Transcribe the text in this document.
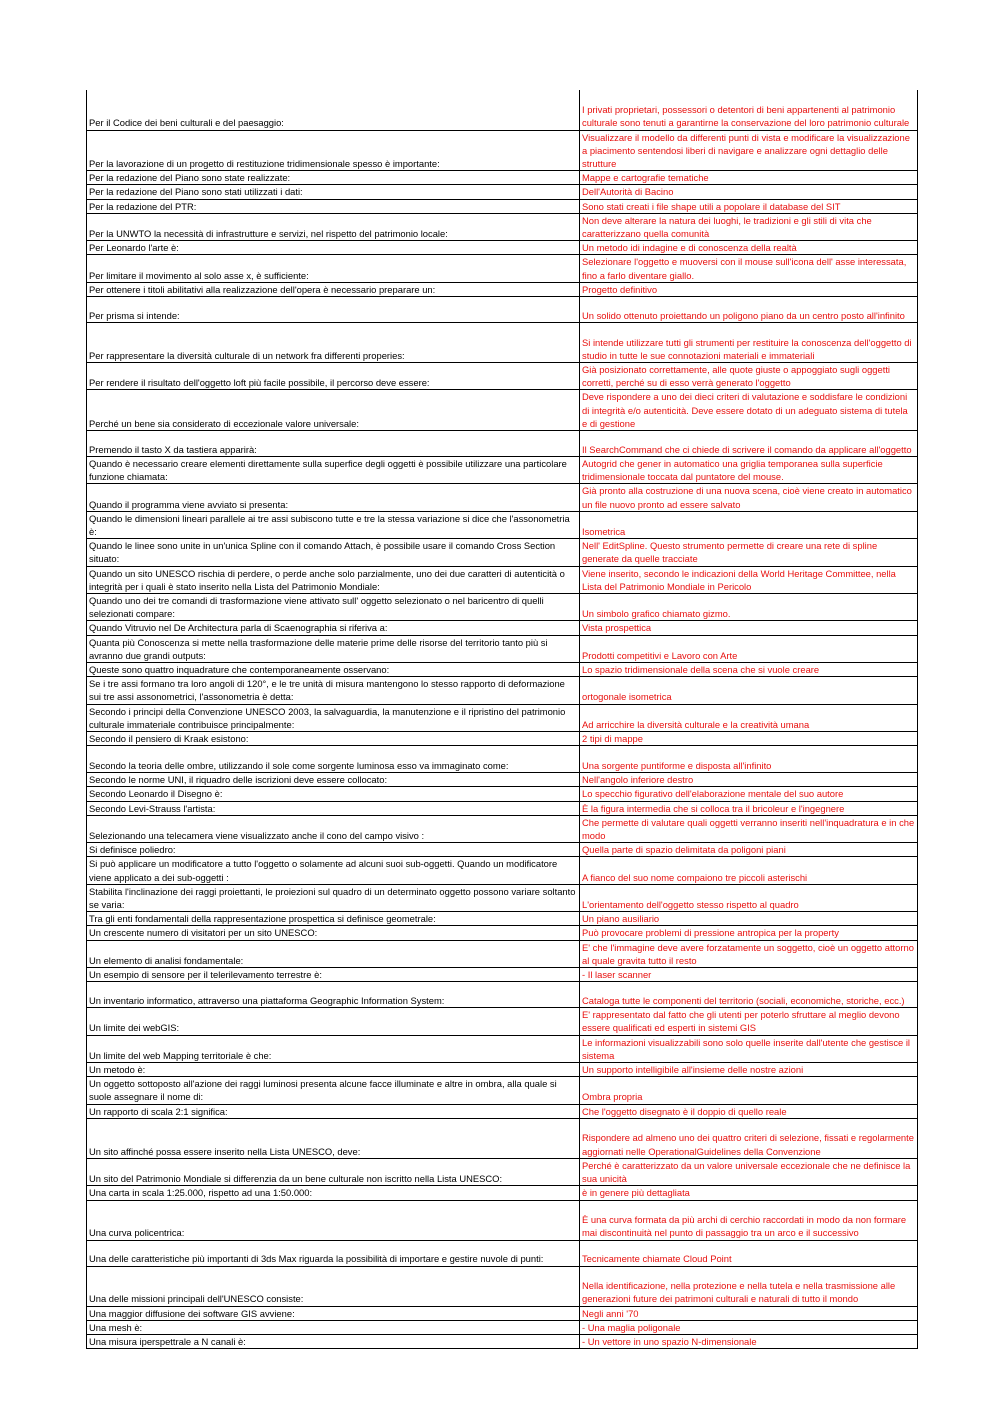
Per il Codice dei beni culturali e del paesaggio:	I privati proprietari, possessori o detentori di beni appartenenti al patrimonio culturale sono tenuti a garantirne la conservazione del loro patrimonio culturale
Per la lavorazione di un progetto di restituzione tridimensionale spesso è importante:	Visualizzare il modello da differenti punti di vista e modificare la visualizzazione a piacimento sentendosi liberi di navigare e analizzare ogni dettaglio delle strutture
Per la redazione del Piano sono state realizzate:	Mappe e cartografie tematiche
Per la redazione del Piano sono stati utilizzati i dati:	Dell'Autorità di Bacino
Per la redazione del PTR:	Sono stati creati i file shape utili a popolare il database del SIT
Per la UNWTO la necessità di infrastrutture e servizi, nel rispetto del patrimonio locale:	Non deve alterare la natura dei luoghi, le tradizioni e gli stili di vita che caratterizzano quella comunità
Per Leonardo l'arte è:	Un metodo idi indagine e di conoscenza della realtà
Per limitare il movimento al solo asse x, è sufficiente:	Selezionare l'oggetto e muoversi con il mouse sull'icona dell' asse interessata, fino a farlo diventare giallo.
Per ottenere i titoli abilitativi alla realizzazione dell'opera è necessario preparare un:	Progetto definitivo
Per prisma si intende:	Un solido ottenuto proiettando un poligono piano da un centro posto all'infinito
Per rappresentare la diversità culturale di un network fra differenti properies:	Si intende utilizzare tutti gli strumenti per restituire la conoscenza dell'oggetto di studio in tutte le sue connotazioni materiali e immateriali
Per rendere il risultato dell'oggetto loft più facile possibile, il percorso deve essere:	Già posizionato correttamente, alle quote giuste o appoggiato sugli oggetti corretti, perché su di esso verrà generato l'oggetto
Perché un bene sia considerato di eccezionale valore universale:	Deve rispondere a uno dei dieci criteri di valutazione e soddisfare le condizioni di integrità e/o autenticità. Deve essere dotato di un adeguato sistema di tutela e di gestione
Premendo il tasto X da tastiera apparirà:	Il SearchCommand che ci chiede di scrivere il comando da applicare all'oggetto
Quando è necessario creare elementi direttamente sulla superfice degli oggetti è possibile utilizzare una particolare funzione chiamata:	Autogrid che gener in automatico una griglia temporanea sulla superficie tridimensionale toccata dal puntatore del mouse.
Quando il programma viene avviato si presenta:	Già pronto alla costruzione di una nuova scena, cioè viene creato in automatico un file nuovo pronto ad essere salvato
Quando le dimensioni lineari parallele ai tre assi subiscono tutte e tre la stessa variazione si dice che l'assonometria è:	Isometrica
Quando le linee sono unite in un'unica Spline con il comando Attach, è possibile usare il comando Cross Section situato:	Nell' EditSpline. Questo strumento permette di creare una rete di spline generate da quelle tracciate
Quando un sito UNESCO rischia di perdere, o perde anche solo parzialmente, uno dei due caratteri di autenticità o integrità per i quali è stato inserito nella Lista del Patrimonio Mondiale:	Viene inserito, secondo le indicazioni della World Heritage Committee, nella Lista del Patrimonio Mondiale in Pericolo
Quando uno dei tre comandi di trasformazione viene attivato sull' oggetto selezionato o nel baricentro di quelli selezionati compare:	Un simbolo grafico chiamato gizmo.
Quando Vitruvio nel De Architectura parla di Scaenographia si riferiva a:	Vista prospettica
Quanta più Conoscenza si mette nella trasformazione delle materie prime delle risorse del territorio tanto più si avranno due grandi outputs:	Prodotti competitivi e Lavoro con Arte
Queste sono quattro inquadrature che contemporaneamente osservano:	Lo spazio tridimensionale della scena che si vuole creare
Se i tre assi formano tra loro angoli di 120°, e le tre unità di misura mantengono lo stesso rapporto di deformazione sui tre assi assonometrici, l'assonometria è detta:	ortogonale isometrica
Secondo i principi della Convenzione UNESCO 2003, la salvaguardia, la manutenzione e il ripristino del patrimonio culturale immateriale contribuisce principalmente:	Ad arricchire la diversità culturale e la creatività umana
Secondo il pensiero di Kraak esistono:	2 tipi di mappe
Secondo la teoria delle ombre, utilizzando il sole come sorgente luminosa esso va immaginato come:	Una sorgente puntiforme e disposta all'infinito
Secondo le norme UNI, il riquadro delle iscrizioni deve essere collocato:	Nell'angolo inferiore destro
Secondo Leonardo il Disegno è:	Lo specchio figurativo dell'elaborazione mentale del suo autore
Secondo Levi-Strauss l'artista:	È la figura intermedia che si colloca tra il bricoleur e l'ingegnere
Selezionando una telecamera viene visualizzato anche il cono del campo visivo :	Che permette di valutare quali oggetti verranno inseriti nell'inquadratura e in che modo
Si definisce poliedro:	Quella parte di spazio delimitata da poligoni piani
Si può applicare un modificatore a tutto l'oggetto o solamente ad alcuni suoi sub-oggetti. Quando un modificatore viene applicato a dei sub-oggetti :	A fianco del suo nome compaiono tre piccoli asterischi
Stabilita l'inclinazione dei raggi proiettanti, le proiezioni sul quadro di un determinato oggetto possono variare soltanto se varia:	L'orientamento dell'oggetto stesso rispetto al quadro
Tra gli enti fondamentali della rappresentazione prospettica si definisce geometrale:	Un piano ausiliario
Un crescente numero di visitatori per un sito UNESCO:	Può provocare problemi di pressione antropica per la property
Un elemento di analisi fondamentale:	E' che l'immagine deve avere forzatamente un soggetto, cioè un oggetto attorno al quale gravita tutto il resto
Un esempio di sensore per il telerilevamento terrestre è:	- Il laser scanner
Un inventario informatico, attraverso una piattaforma Geographic Information System:	Cataloga tutte le componenti del territorio (sociali, economiche, storiche, ecc.)
Un limite dei webGIS:	E' rappresentato dal fatto che gli utenti per poterlo sfruttare al meglio devono essere qualificati ed esperti in sistemi GIS
Un limite del web Mapping territoriale è che:	Le informazioni visualizzabili sono solo quelle inserite dall'utente che gestisce il sistema
Un metodo è:	Un supporto intelligibile all'insieme delle nostre azioni
Un oggetto sottoposto all'azione dei raggi luminosi presenta alcune facce illuminate e altre in ombra, alla quale si suole assegnare il nome di:	Ombra propria
Un rapporto di scala 2:1 significa:	Che l'oggetto disegnato è il doppio di quello reale
Un sito affinché possa essere inserito nella Lista UNESCO, deve:	Rispondere ad almeno uno dei quattro criteri di selezione, fissati e regolarmente aggiornati nelle OperationalGuidelines della Convenzione
Un sito del Patrimonio Mondiale si differenzia da un bene culturale non iscritto nella Lista UNESCO:	Perché è caratterizzato da un valore universale eccezionale che ne definisce la sua unicità
Una carta in scala 1:25.000, rispetto ad una 1:50.000:	è in genere più dettagliata
Una curva policentrica:	È una curva formata da più archi di cerchio raccordati in modo da non formare mai discontinuità nel punto di passaggio tra un arco e il successivo
Una delle caratteristiche più importanti di 3ds Max riguarda la possibilità di importare e gestire nuvole di punti:	Tecnicamente chiamate Cloud Point
Una delle missioni principali dell'UNESCO consiste:	Nella identificazione, nella protezione e nella tutela e nella trasmissione alle generazioni future dei patrimoni culturali e naturali di tutto il mondo
Una maggior diffusione dei software GIS avviene:	Negli anni '70
Una mesh è:	- Una maglia poligonale
Una misura iperspettrale a N canali è:	- Un vettore in uno spazio N-dimensionale
